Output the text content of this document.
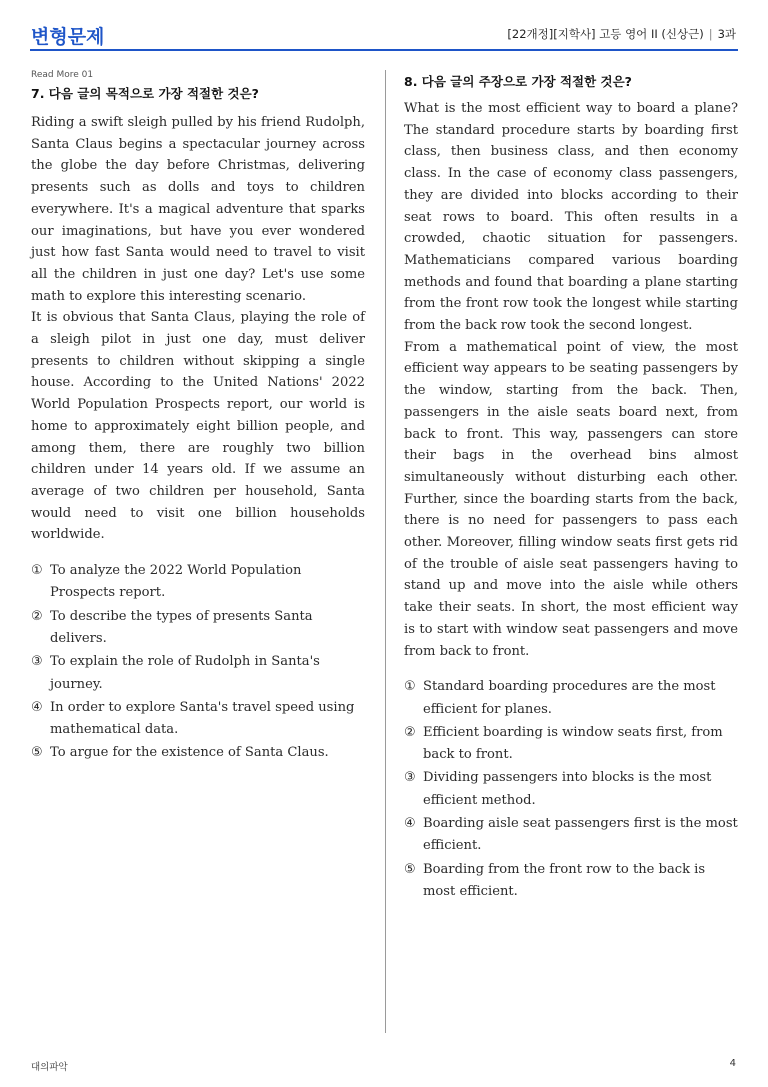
변형문제	[22개정][지학사] 고등 영어 II (신상근) | 3과
Read More 01
7. 다음 글의 목적으로 가장 적절한 것은?

Riding a swift sleigh pulled by his friend Rudolph, Santa Claus begins a spectacular journey across the globe the day before Christmas, delivering presents such as dolls and toys to children everywhere. It's a magical adventure that sparks our imaginations, but have you ever wondered just how fast Santa would need to travel to visit all the children in just one day? Let's use some math to explore this interesting scenario.

It is obvious that Santa Claus, playing the role of a sleigh pilot in just one day, must deliver presents to children without skipping a single house. According to the United Nations' 2022 World Population Prospects report, our world is home to approximately eight billion people, and among them, there are roughly two billion children under 14 years old. If we assume an average of two children per household, Santa would need to visit one billion households worldwide.

① To analyze the 2022 World Population Prospects report.
② To describe the types of presents Santa delivers.
③ To explain the role of Rudolph in Santa's journey.
④ In order to explore Santa's travel speed using mathematical data.
⑤ To argue for the existence of Santa Claus.
8. 다음 글의 주장으로 가장 적절한 것은?

What is the most efficient way to board a plane? The standard procedure starts by boarding first class, then business class, and then economy class. In the case of economy class passengers, they are divided into blocks according to their seat rows to board. This often results in a crowded, chaotic situation for passengers. Mathematicians compared various boarding methods and found that boarding a plane starting from the front row took the longest while starting from the back row took the second longest.

From a mathematical point of view, the most efficient way appears to be seating passengers by the window, starting from the back. Then, passengers in the aisle seats board next, from back to front. This way, passengers can store their bags in the overhead bins almost simultaneously without disturbing each other. Further, since the boarding starts from the back, there is no need for passengers to pass each other. Moreover, filling window seats first gets rid of the trouble of aisle seat passengers having to stand up and move into the aisle while others take their seats. In short, the most efficient way is to start with window seat passengers and move from back to front.

① Standard boarding procedures are the most efficient for planes.
② Efficient boarding is window seats first, from back to front.
③ Dividing passengers into blocks is the most efficient method.
④ Boarding aisle seat passengers first is the most efficient.
⑤ Boarding from the front row to the back is most efficient.
대의파악	4
